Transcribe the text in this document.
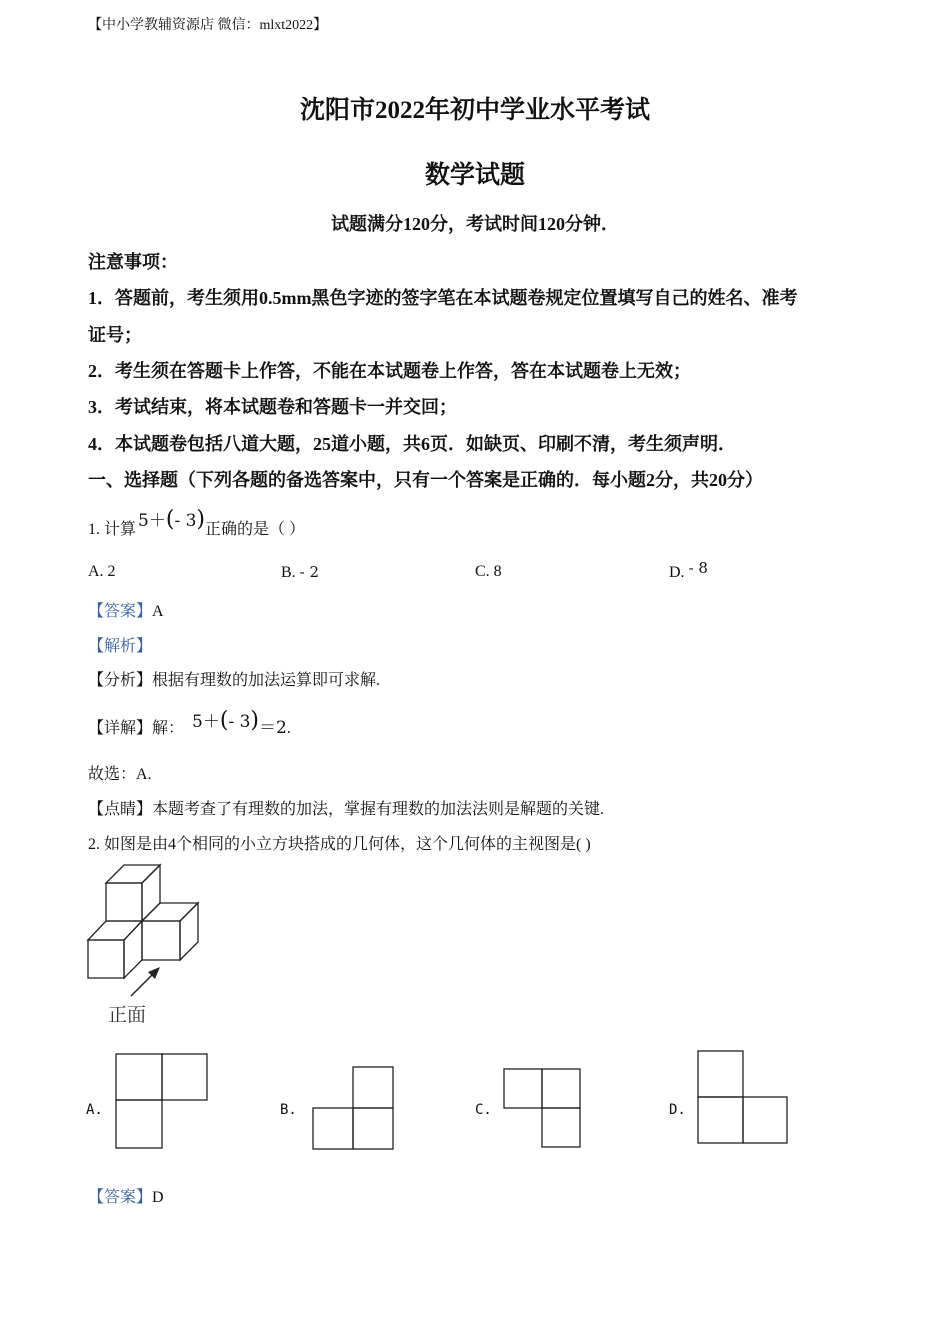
【中小学教辅资源店 微信：mlxt2022】
沈阳市2022年初中学业水平考试
数学试题
试题满分120分，考试时间120分钟．
注意事项：
1．答题前，考生须用0.5mm黑色字迹的签字笔在本试题卷规定位置填写自己的姓名、准考
证号；
2．考生须在答题卡上作答，不能在本试题卷上作答，答在本试题卷上无效；
3．考试结束，将本试题卷和答题卡一并交回；
4．本试题卷包括八道大题，25道小题，共6页．如缺页、印刷不清，考生须声明．
一、选择题（下列各题的备选答案中，只有一个答案是正确的．每小题2分，共20分）
1. 计算 5＋(- 3)正确的是（ ）
A. 2	B. - 2	C. 8	D. - 8
【答案】A
【解析】
【分析】根据有理数的加法运算即可求解.
【详解】解： 5＋(- 3)＝2.
故选：A.
【点睛】本题考查了有理数的加法，掌握有理数的加法法则是解题的关键.
2. 如图是由4个相同的小立方块搭成的几何体，这个几何体的主视图是( )
正面
A.	B.	C.	D.
【答案】D
